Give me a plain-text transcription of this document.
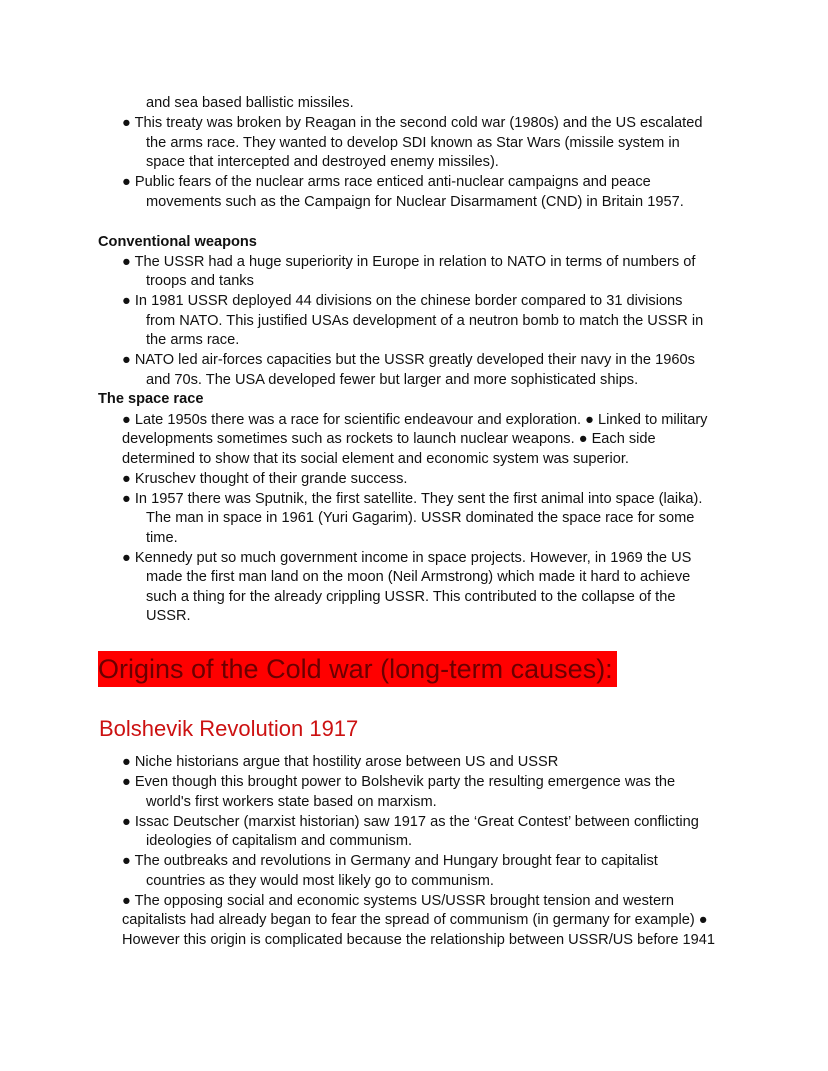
and sea based ballistic missiles.
● This treaty was broken by Reagan in the second cold war (1980s) and the US escalated
the arms race. They wanted to develop SDI known as Star Wars (missile system in
space that intercepted and destroyed enemy missiles).
● Public fears of the nuclear arms race enticed anti-nuclear campaigns and peace
movements such as the Campaign for Nuclear Disarmament (CND) in Britain 1957.
Conventional weapons
● The USSR had a huge superiority in Europe in relation to NATO in terms of numbers of
troops and tanks
● In 1981 USSR deployed 44 divisions on the chinese border compared to 31 divisions
from NATO. This justified USAs development of a neutron bomb to match the USSR in
the arms race.
● NATO led air-forces capacities but the USSR greatly developed their navy in the 1960s
and 70s. The USA developed fewer but larger and more sophisticated ships.
The space race
● Late 1950s there was a race for scientific endeavour and exploration. ● Linked to military
developments sometimes such as rockets to launch nuclear weapons. ● Each side
determined to show that its social element and economic system was superior.
● Kruschev thought of their grande success.
● In 1957 there was Sputnik, the first satellite. They sent the first animal into space (laika).
The man in space in 1961 (Yuri Gagarim). USSR dominated the space race for some
time.
● Kennedy put so much government income in space projects. However, in 1969 the US
made the first man land on the moon (Neil Armstrong) which made it hard to achieve
such a thing for the already crippling USSR. This contributed to the collapse of the
USSR.
Origins of the Cold war (long-term causes):
Bolshevik Revolution 1917
● Niche historians argue that hostility arose between US and USSR
● Even though this brought power to Bolshevik party the resulting emergence was the
world's first workers state based on marxism.
● Issac Deutscher (marxist historian) saw 1917 as the ‘Great Contest’ between conflicting
ideologies of capitalism and communism.
● The outbreaks and revolutions in Germany and Hungary brought fear to capitalist
countries as they would most likely go to communism.
● The opposing social and economic systems US/USSR brought tension and western
capitalists had already began to fear the spread of communism (in germany for example) ●
However this origin is complicated because the relationship between USSR/US before 1941
